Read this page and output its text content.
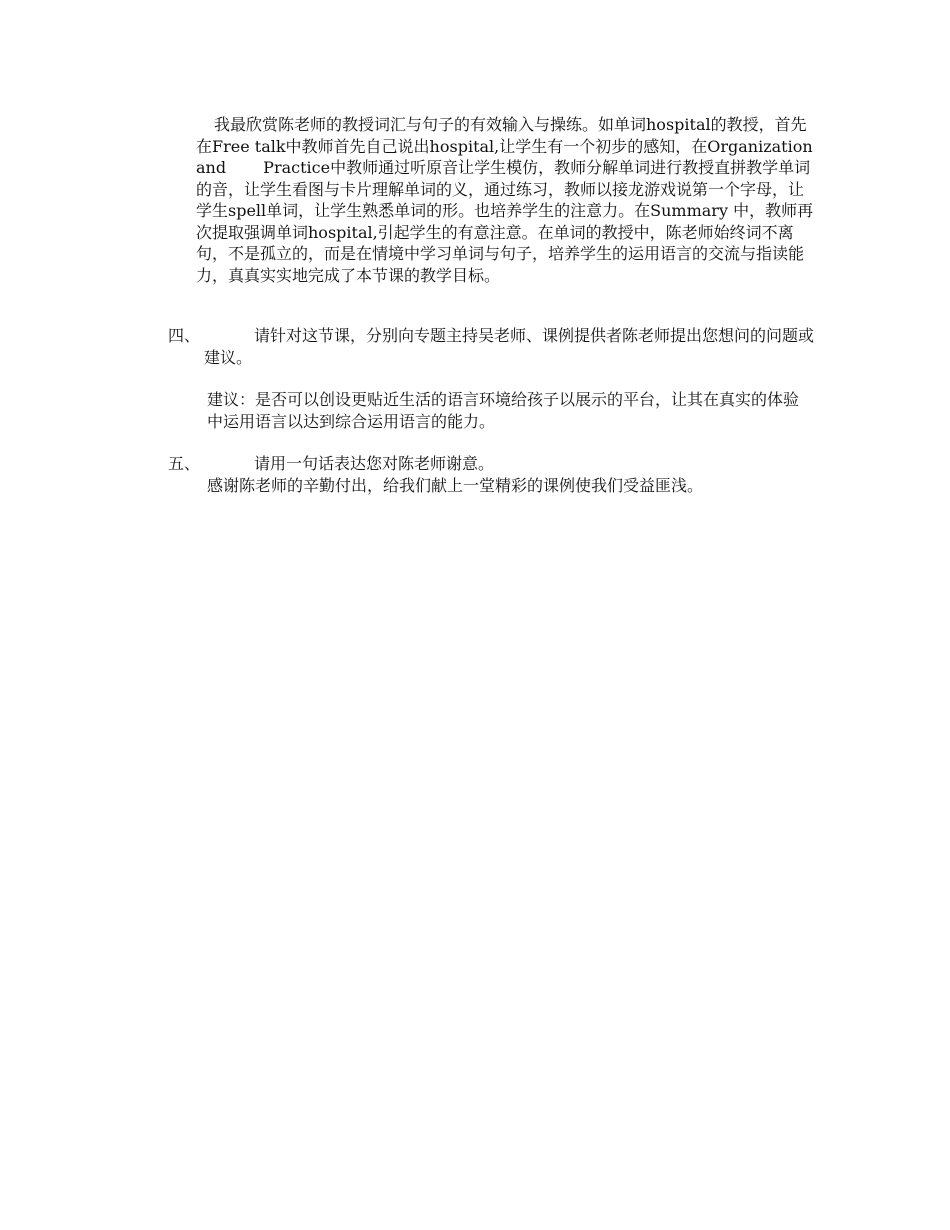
我最欣赏陈老师的教授词汇与句子的有效输入与操练。如单词hospital的教授，首先在Free talk中教师首先自己说出hospital,让学生有一个初步的感知，在Organization and　　 Practice中教师通过听原音让学生模仿，教师分解单词进行教授直拼教学单词的音，让学生看图与卡片理解单词的义，通过练习，教师以接龙游戏说第一个字母，让学生spell单词，让学生熟悉单词的形。也培养学生的注意力。在Summary 中，教师再次提取强调单词hospital,引起学生的有意注意。在单词的教授中，陈老师始终词不离句，不是孤立的，而是在情境中学习单词与句子，培养学生的运用语言的交流与指读能力，真真实实地完成了本节课的教学目标。

四、	请针对这节课，分别向专题主持吴老师、课例提供者陈老师提出您想问的问题或建议。

建议：是否可以创设更贴近生活的语言环境给孩子以展示的平台，让其在真实的体验中运用语言以达到综合运用语言的能力。

五、	请用一句话表达您对陈老师谢意。

感谢陈老师的辛勤付出，给我们献上一堂精彩的课例使我们受益匪浅。
